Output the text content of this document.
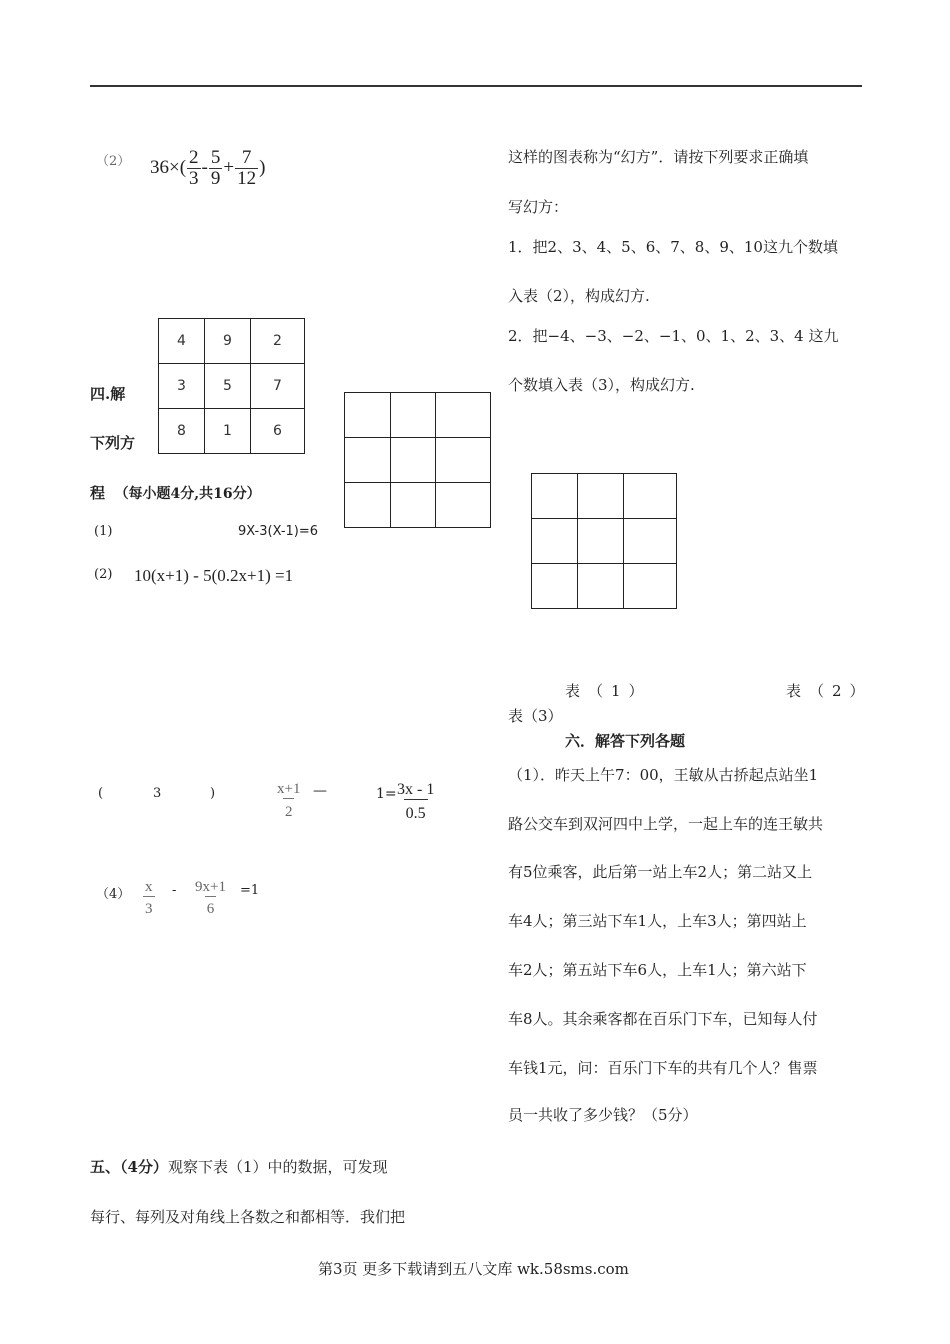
（2） $36\times( \frac{2}{3} - \frac{5}{9} + \frac{7}{12}$ )
4	9	2
3	5	7
8	1	6

四.解
下列方
程 （每小题4分,共16分）
(1)	9X-3(X-1)=6
(2) 10(x+1) - 5(0.2x+1) =1
(	3	)	$\frac{x+1}{2}$ —	1=
$\frac{3x - 1}{0.5}$
$(4) \frac{x}{3} - \frac{9x+1}{6} =1$
五、（4分）观察下表（1）中的数据，可发现
每行、每列及对角线上各数之和都相等．我们把
这样的图表称为“幻方”．请按下列要求正确填
写幻方：
1．把2、3、4、5、6、7、8、9、10这九个数填
入表（2），构成幻方.
2．把−4、−3、−2、−1、0、1、2、3、4 这九
个数填入表（3），构成幻方.
表（1）	表（2）
表（3）
六．解答下列各题
（1）．昨天上午7：00，王敏从古挢起点站坐1
路公交车到双河四中上学，一起上车的连王敏共
有5位乘客，此后第一站上车2人；第二站又上
车4人；第三站下车1人，上车3人；第四站上
车2人；第五站下车6人，上车1人；第六站下
车8人。其余乘客都在百乐门下车，已知每人付
车钱1元，问：百乐门下车的共有几个人？售票
员一共收了多少钱？（5分）
第3页 更多下载请到五八文库 wk.58sms.com
